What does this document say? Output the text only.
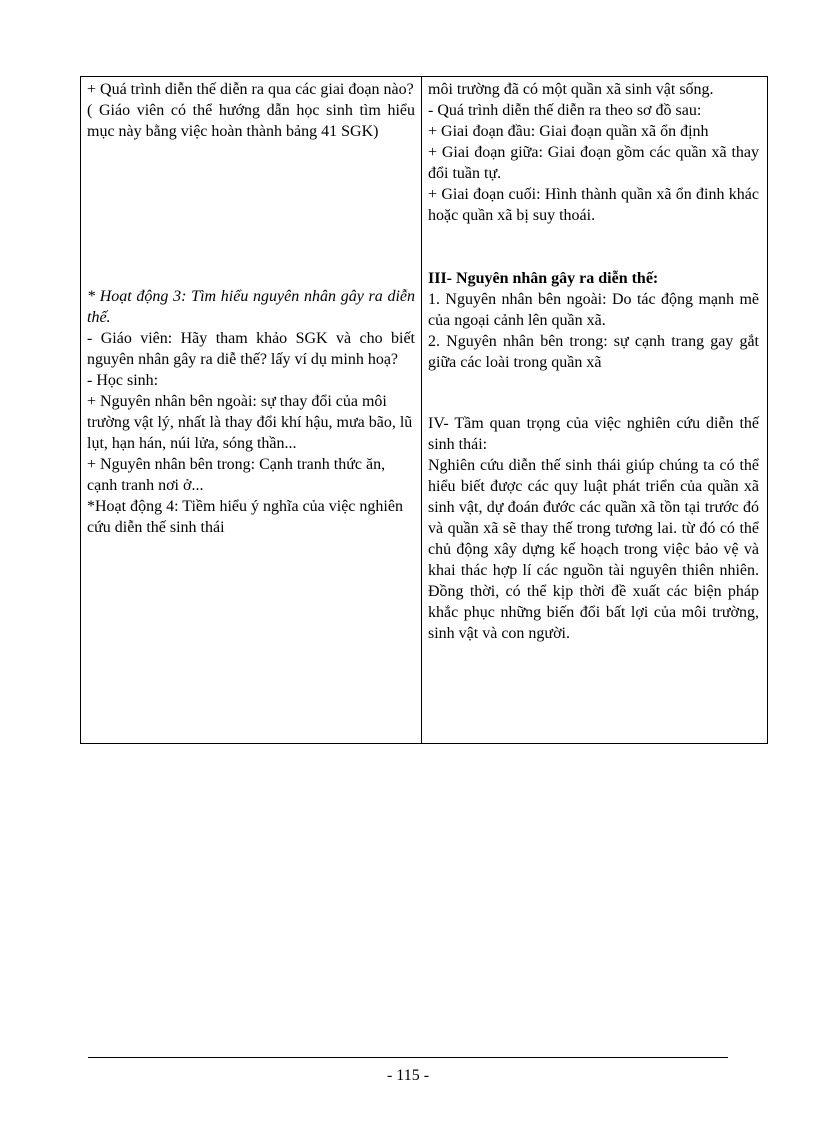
+ Quá trình diễn thế diễn ra qua các giai đoạn nào?

( Giáo viên có thể hướng dẫn học sinh tìm hiểu mục này bằng việc hoàn thành bảng 41 SGK)

* Hoạt động 3: Tìm hiểu nguyên nhân gây ra diễn thế.

- Giáo viên: Hãy tham khảo SGK và cho biết nguyên nhân gây ra diễ thế? lấy ví dụ minh hoạ?

- Học sinh:

+ Nguyên nhân bên ngoài: sự thay đổi của môi trường vật lý, nhất là thay đổi khí hậu, mưa bão, lũ lụt, hạn hán, núi lửa, sóng thần...

+ Nguyên nhân bên trong: Cạnh tranh thức ăn, cạnh tranh nơi ở...

*Hoạt động 4: Tiềm hiểu ý nghĩa của việc nghiên cứu diễn thế sinh thái

môi trường đã có một quần xã sinh vật sống.

- Quá trình diễn thế diễn ra theo sơ đồ sau:

+ Giai đoạn đầu: Giai đoạn quần xã ổn định

+ Giai đoạn giữa: Giai đoạn gồm các quần xã thay đổi tuần tự.

+ Giai đoạn cuối: Hình thành quần xã ổn đinh khác hoặc quần xã bị suy thoái.

III- Nguyên nhân gây ra diễn thế:

1. Nguyên nhân bên ngoài: Do tác động mạnh mẽ của ngoại cảnh lên quần xã.

2. Nguyên nhân bên trong: sự cạnh trang gay gắt giữa các loài trong quần xã

IV- Tầm quan trọng của việc nghiên cứu diễn thế sinh thái:

Nghiên cứu diễn thế sinh thái giúp chúng ta có thể hiểu biết được các quy luật phát triển của quần xã sinh vật, dự đoán đước các quần xã tồn tại trước đó và quần xã sẽ thay thế trong tương lai. từ đó có thể chủ động xây dựng kế hoạch trong việc bảo vệ và khai thác hợp lí các nguồn tài nguyên thiên nhiên. Đồng thời, có thể kịp thời đề xuất các biện pháp khắc phục những biến đổi bất lợi của môi trường, sinh vật và con người.

- 115 -
